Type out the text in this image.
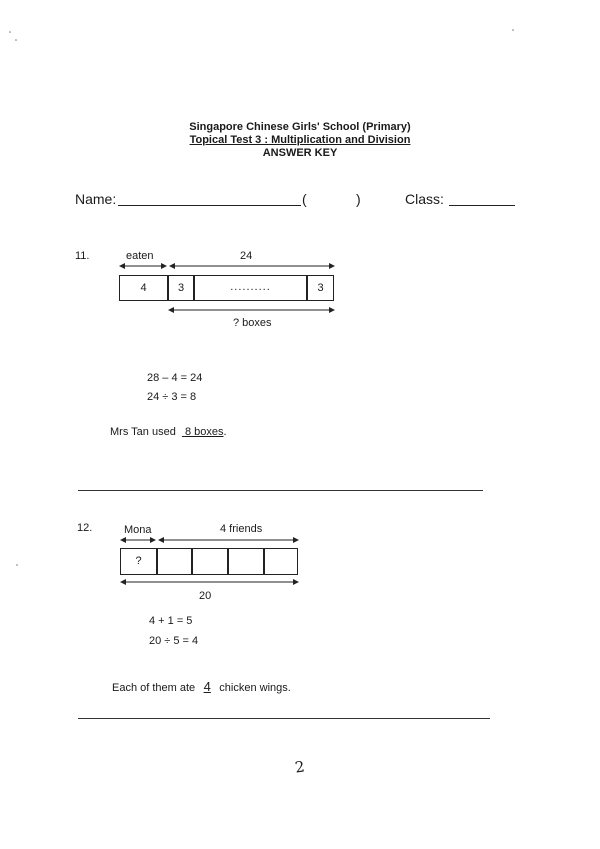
Singapore Chinese Girls' School (Primary)
Topical Test 3 : Multiplication and Division
ANSWER KEY
Name:	(	)	Class:
11.	eaten	24
4	3	..........	3
? boxes
28 – 4 = 24
24 ÷ 3 = 8
Mrs Tan used 8 boxes.
12.	Mona	4 friends
?
20
4 + 1 = 5
20 ÷ 5 = 4
Each of them ate 4 chicken wings.
2
